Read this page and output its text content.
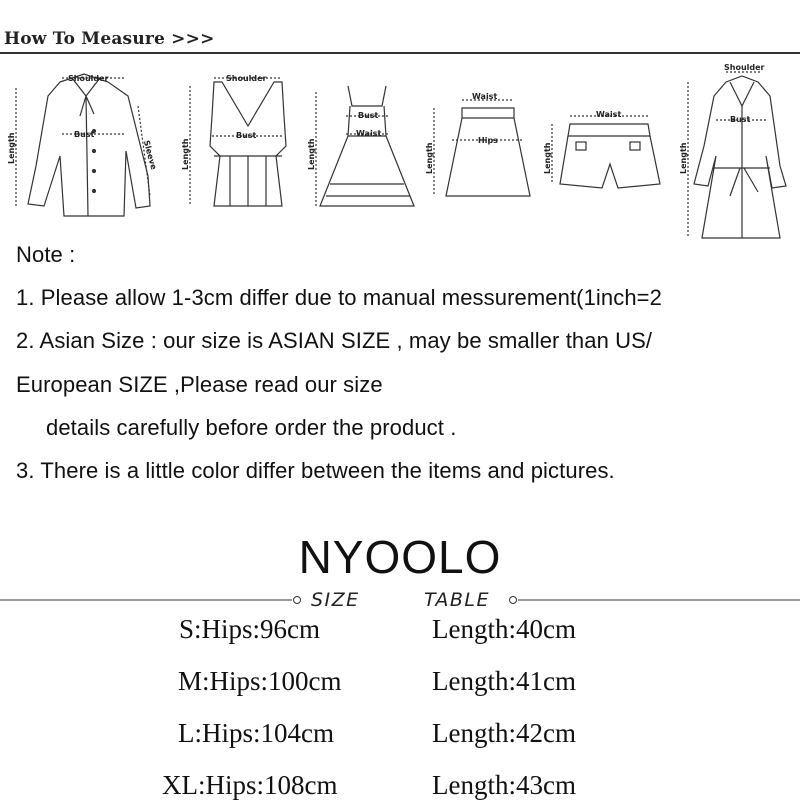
How To Measure >>>
Shoulder
Bust
Length	Sleeve
Shoulder
Bust
Length
Bust
Waist
Length
Waist
Hips
Length
Waist
Length
Shoulder
Bust
Length
Note :
1. Please allow 1-3cm differ due to manual messurement(1inch=2
2. Asian Size : our size is ASIAN SIZE , may be smaller than US/
European SIZE ,Please read our size
details carefully before order the product .
3. There is a little color differ between the items and pictures.
NYOOLO
SIZE	TABLE
S:Hips:96cm	Length:40cm
M:Hips:100cm	Length:41cm
L:Hips:104cm	Length:42cm
XL:Hips:108cm	Length:43cm
